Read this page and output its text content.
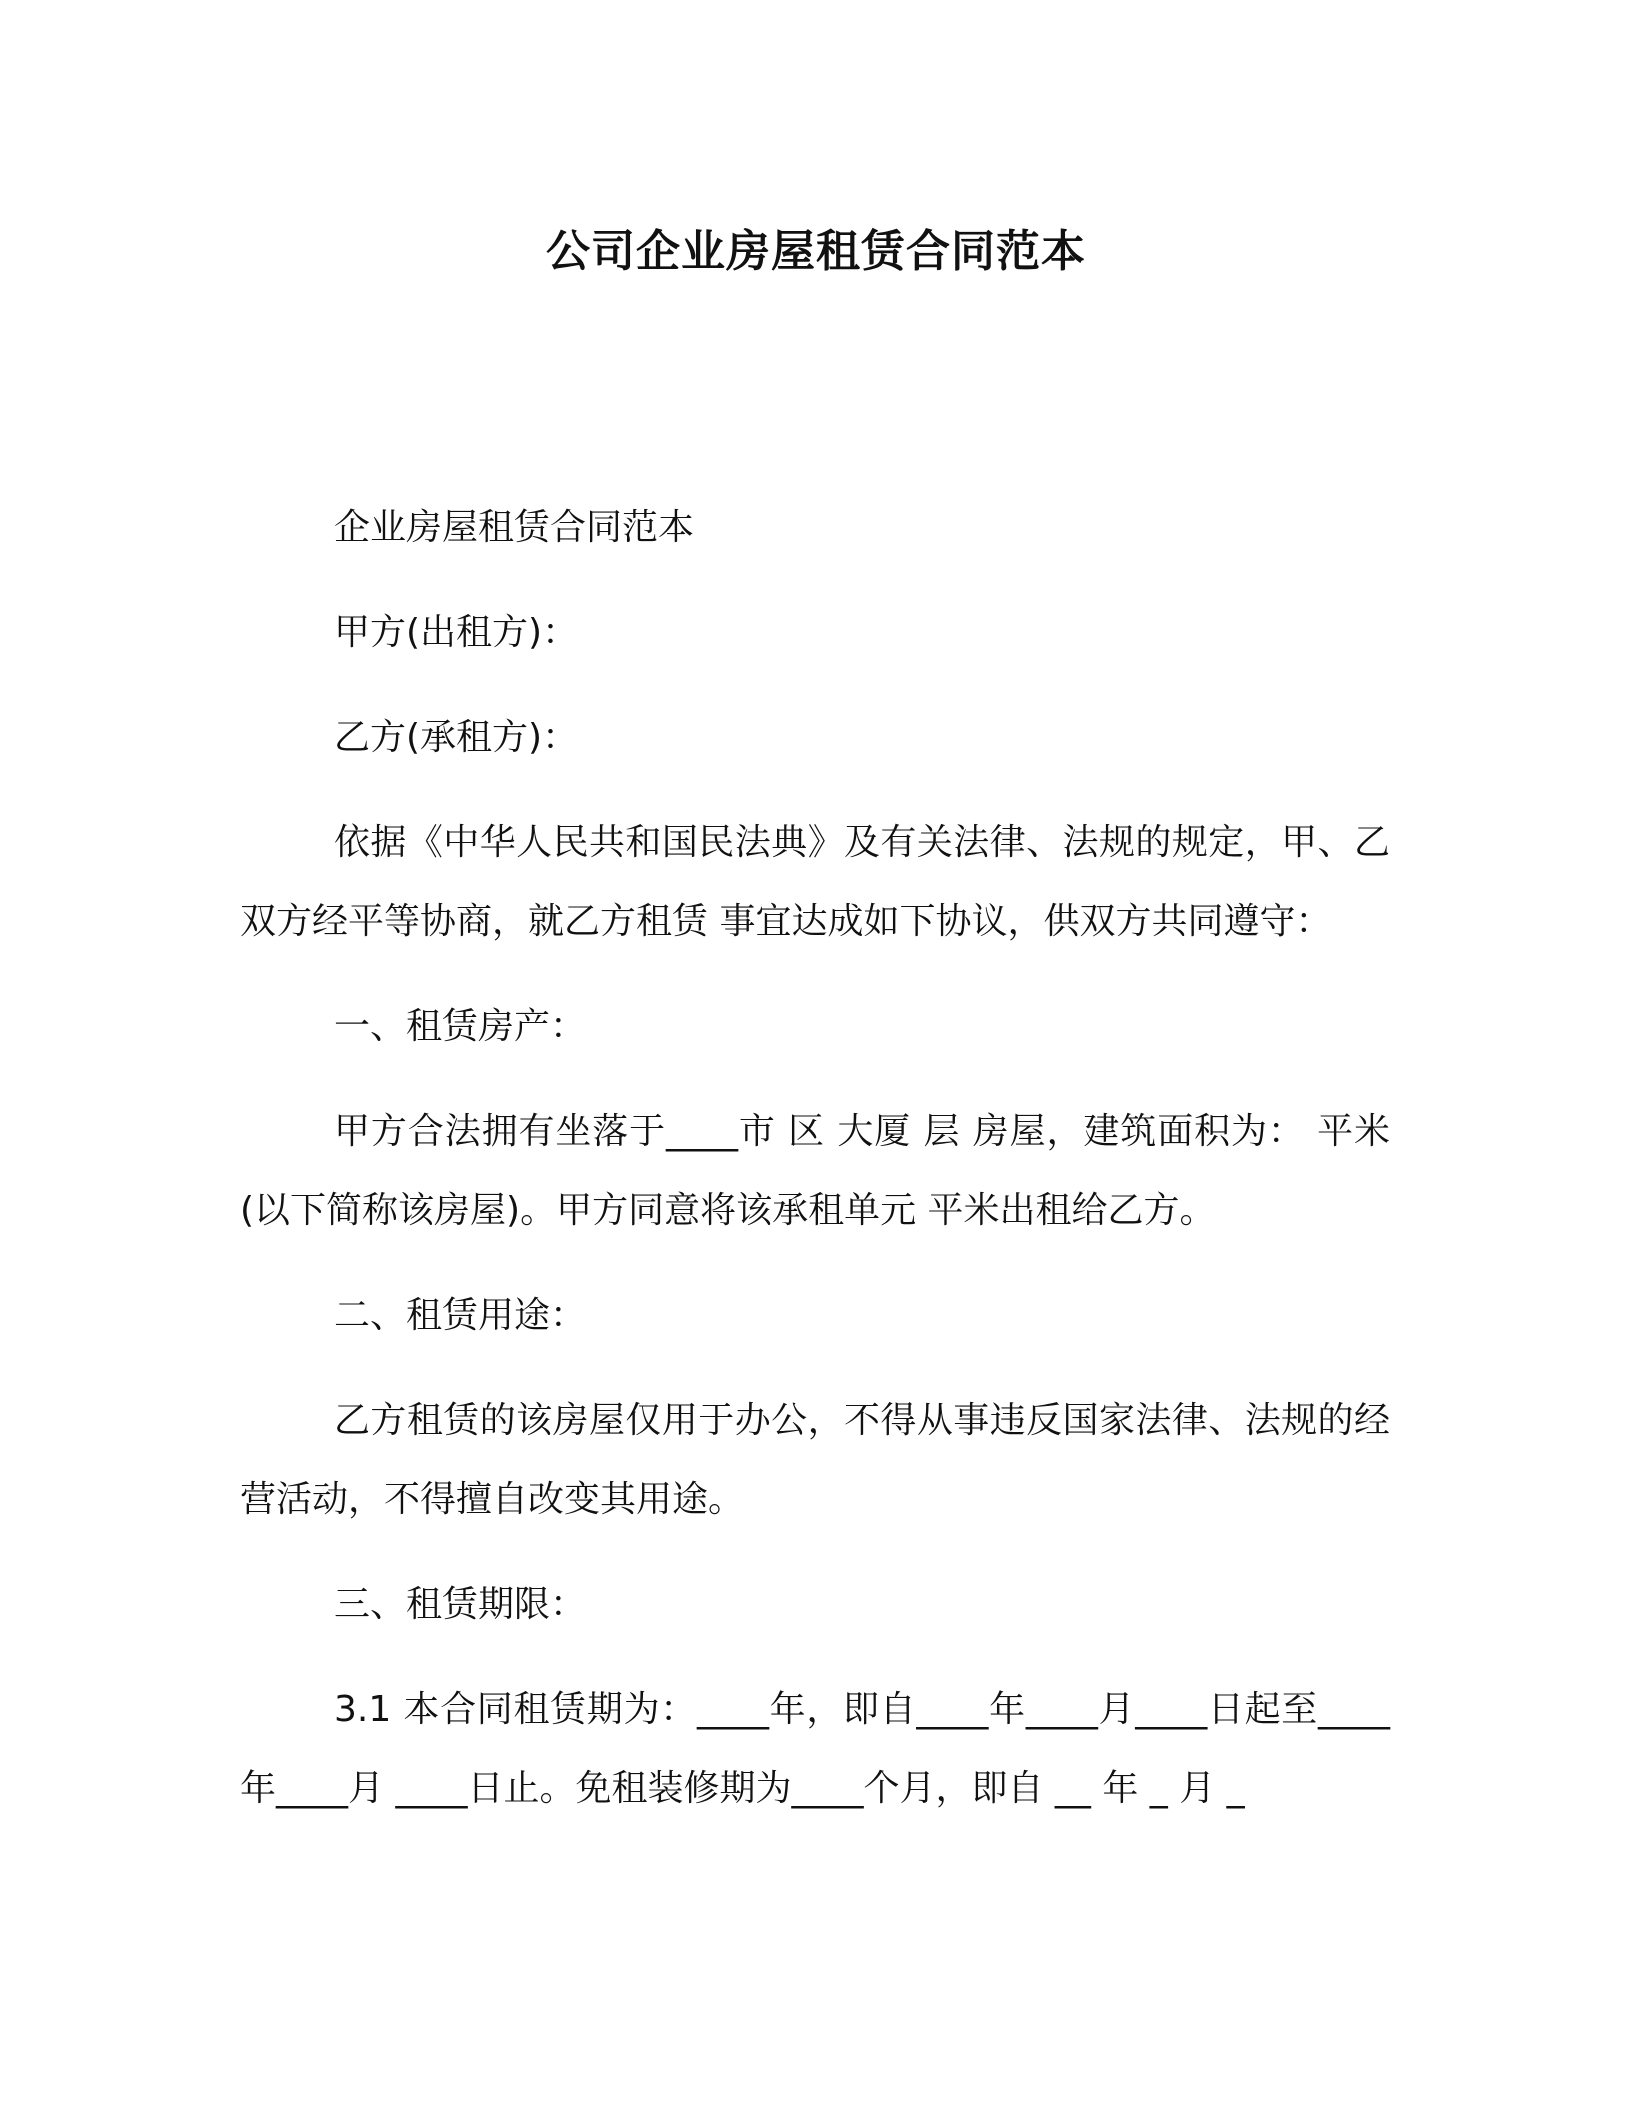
公司企业房屋租赁合同范本

企业房屋租赁合同范本

甲方(出租方)：

乙方(承租方)：

依据《中华人民共和国民法典》及有关法律、法规的规定，甲、乙双方经平等协商，就乙方租赁 事宜达成如下协议，供双方共同遵守：

一、租赁房产：

甲方合法拥有坐落于____市 区 大厦 层 房屋，建筑面积为： 平米(以下简称该房屋)。甲方同意将该承租单元 平米出租给乙方。

二、租赁用途：

乙方租赁的该房屋仅用于办公，不得从事违反国家法律、法规的经营活动，不得擅自改变其用途。

三、租赁期限：

3.1 本合同租赁期为：____年，即自____年____月____日起至____年____月 ____日止。免租装修期为____个月，即自 __ 年 _ 月 _
